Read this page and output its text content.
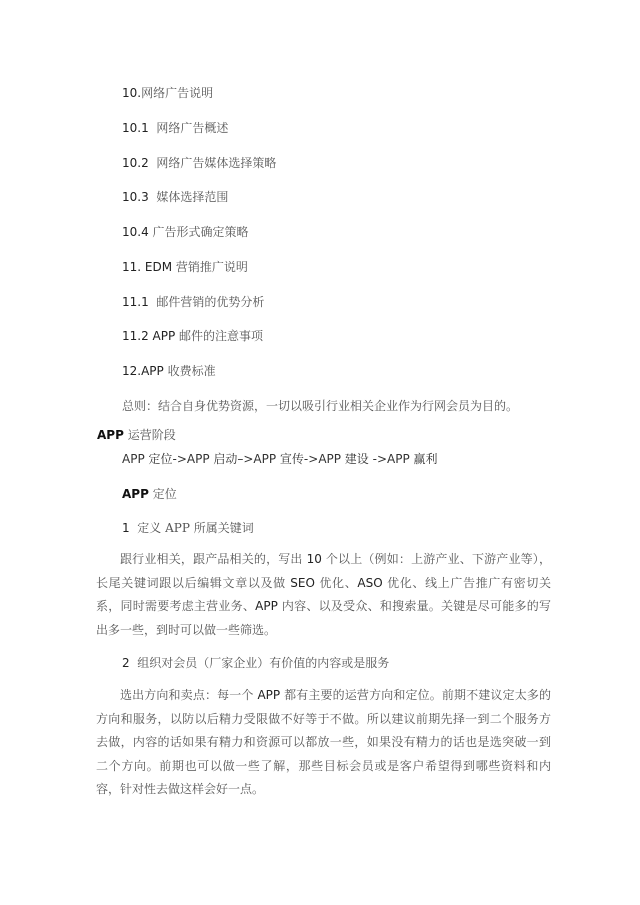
10.网络广告说明
10.1 网络广告概述
10.2 网络广告媒体选择策略
10.3 媒体选择范围
10.4 广告形式确定策略
11. EDM 营销推广说明
11.1 邮件营销的优势分析
11.2 APP 邮件的注意事项
12.APP 收费标准
总则：结合自身优势资源，一切以吸引行业相关企业作为行网会员为目的。
APP 运营阶段
APP 定位->APP 启动–>APP 宣传->APP 建设 ->APP 赢利
APP 定位
1 定义 APP 所属关键词
跟行业相关，跟产品相关的，写出 10 个以上（例如：上游产业、下游产业等），长尾关键词跟以后编辑文章以及做 SEO 优化、ASO 优化、线上广告推广有密切关系，同时需要考虑主营业务、APP 内容、以及受众、和搜索量。关键是尽可能多的写出多一些，到时可以做一些筛选。
2 组织对会员（厂家企业）有价值的内容或是服务
选出方向和卖点：每一个 APP 都有主要的运营方向和定位。前期不建议定太多的方向和服务，以防以后精力受限做不好等于不做。所以建议前期先择一到二个服务方去做，内容的话如果有精力和资源可以都放一些，如果没有精力的话也是选突破一到二个方向。前期也可以做一些了解，那些目标会员或是客户希望得到哪些资料和内容，针对性去做这样会好一点。
